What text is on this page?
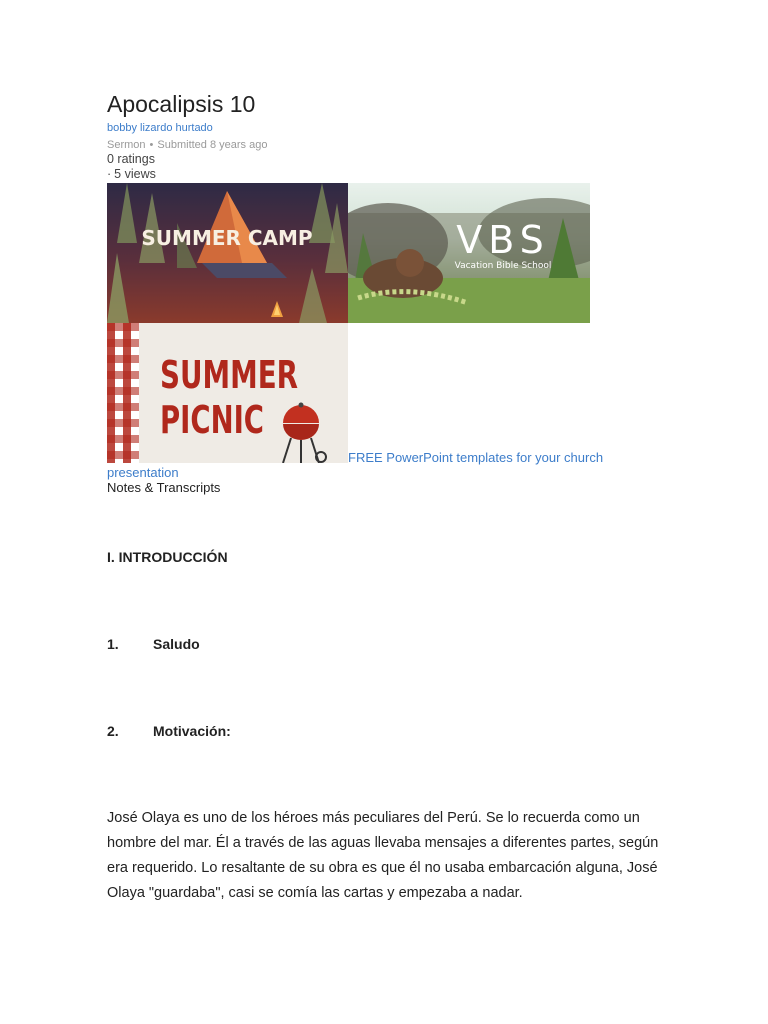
Apocalipsis 10
bobby lizardo hurtado
Sermon • Submitted 8 years ago
0 ratings
· 5 views
SUMMER CAMP	VBS
Vacation Bible School
SUMMER
PICNIC
FREE PowerPoint templates for your church presentation
Notes & Transcripts
I. INTRODUCCIÓN
1.	Saludo
2.	Motivación:
José Olaya es uno de los héroes más peculiares del Perú. Se lo recuerda como un hombre del mar. Él a través de las aguas llevaba mensajes a diferentes partes, según era requerido. Lo resaltante de su obra es que él no usaba embarcación alguna, José Olaya "guardaba", casi se comía las cartas y empezaba a nadar.
